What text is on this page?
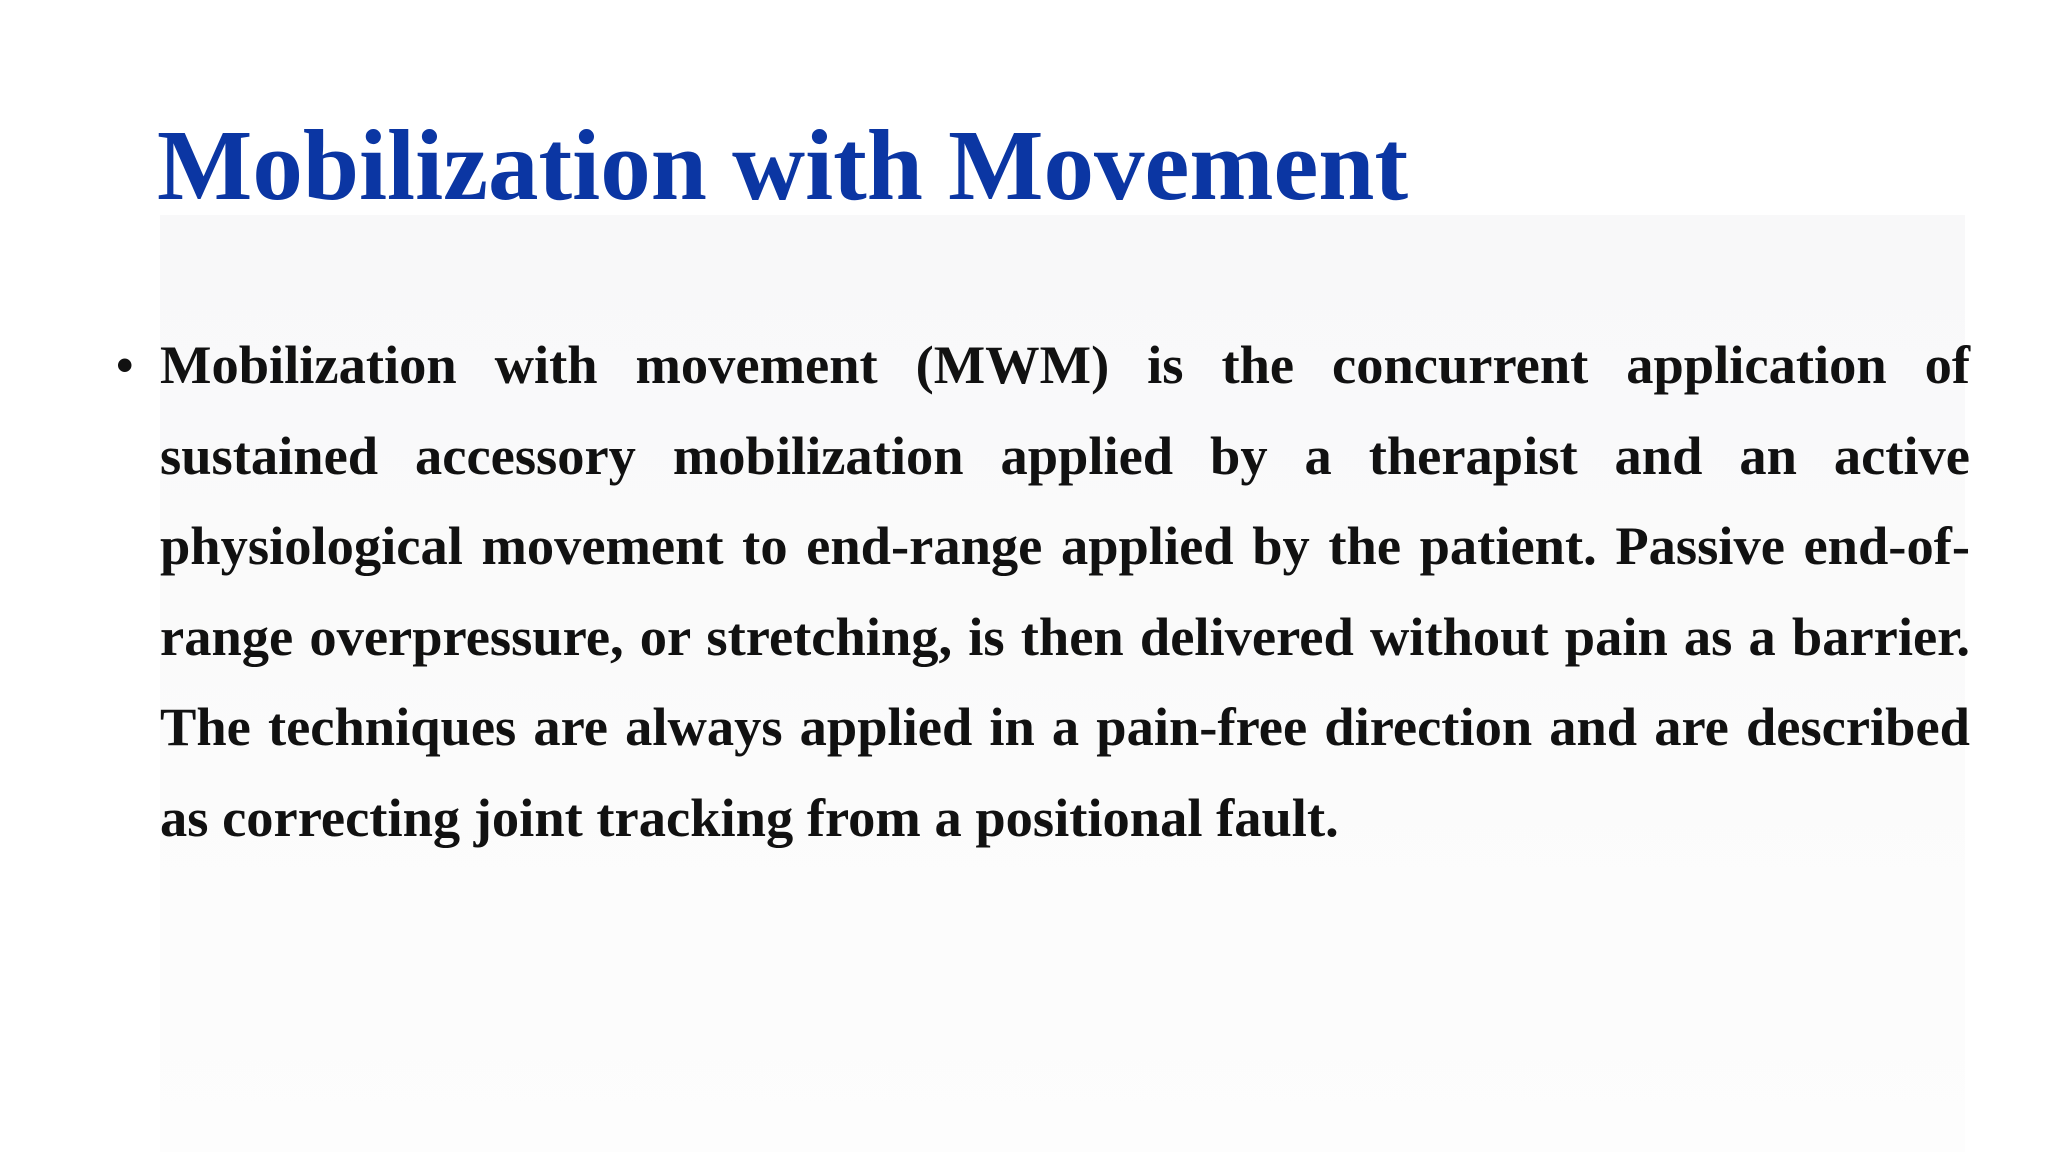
Mobilization with Movement
• Mobilization with movement (MWM) is the concurrent application of sustained accessory mobilization applied by a therapist and an active physiological movement to end-range applied by the patient. Passive end-of-range overpressure, or stretching, is then delivered without pain as a barrier. The techniques are always applied in a pain-free direction and are described as correcting joint tracking from a positional fault.
